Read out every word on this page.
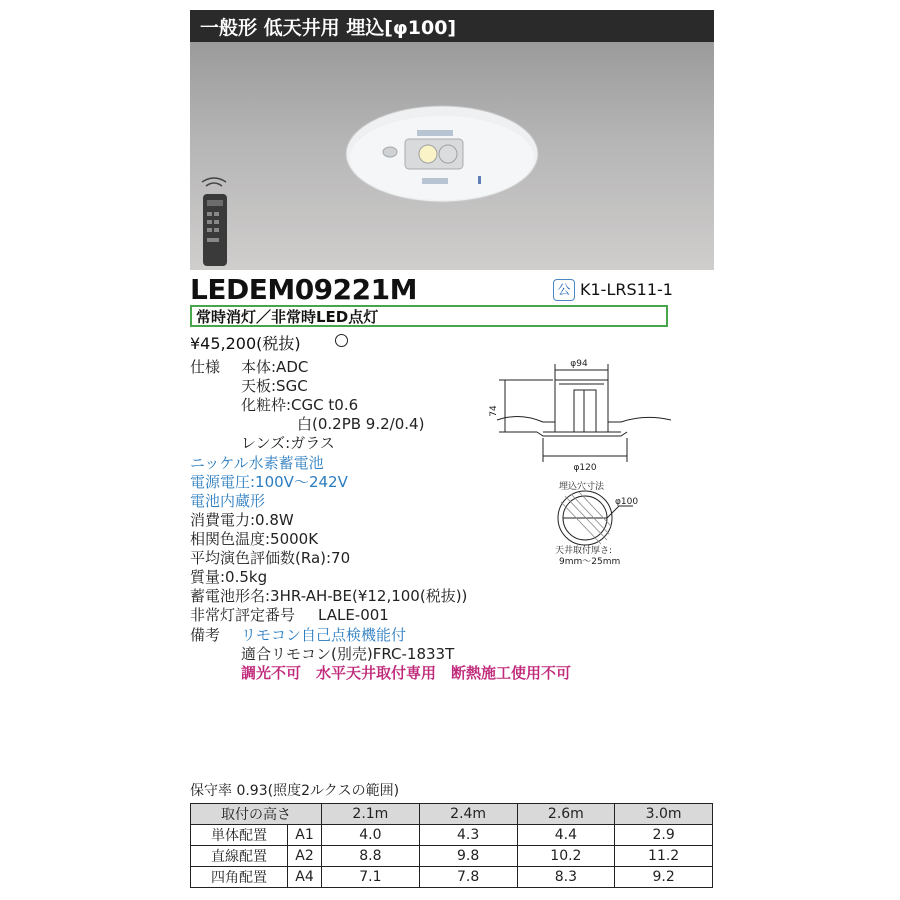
一般形 低天井用 埋込[φ100]
LEDEM09221M	公 K1-LRS11-1
常時消灯／非常時LED点灯
¥45,200(税抜)
仕様 本体:ADC
天板:SGC
化粧枠:CGC t0.6
白(0.2PB 9.2/0.4)
レンズ:ガラス
ニッケル水素蓄電池
電源電圧:100V〜242V
電池内蔵形
消費電力:0.8W
相関色温度:5000K
平均演色評価数(Ra):70
質量:0.5kg
蓄電池形名:3HR-AH-BE(¥12,100(税抜))
非常灯評定番号 LALE-001
備考 リモコン自己点検機能付
適合リモコン(別売)FRC-1833T
調光不可　水平天井取付専用　断熱施工使用不可
φ94
74
φ120
埋込穴寸法
φ100
天井取付厚さ:
9mm〜25mm
保守率 0.93(照度2ルクスの範囲)
取付の高さ		2.1m	2.4m	2.6m	3.0m
単体配置	A1	4.0	4.3	4.4	2.9
直線配置	A2	8.8	9.8	10.2	11.2
四角配置	A4	7.1	7.8	8.3	9.2
